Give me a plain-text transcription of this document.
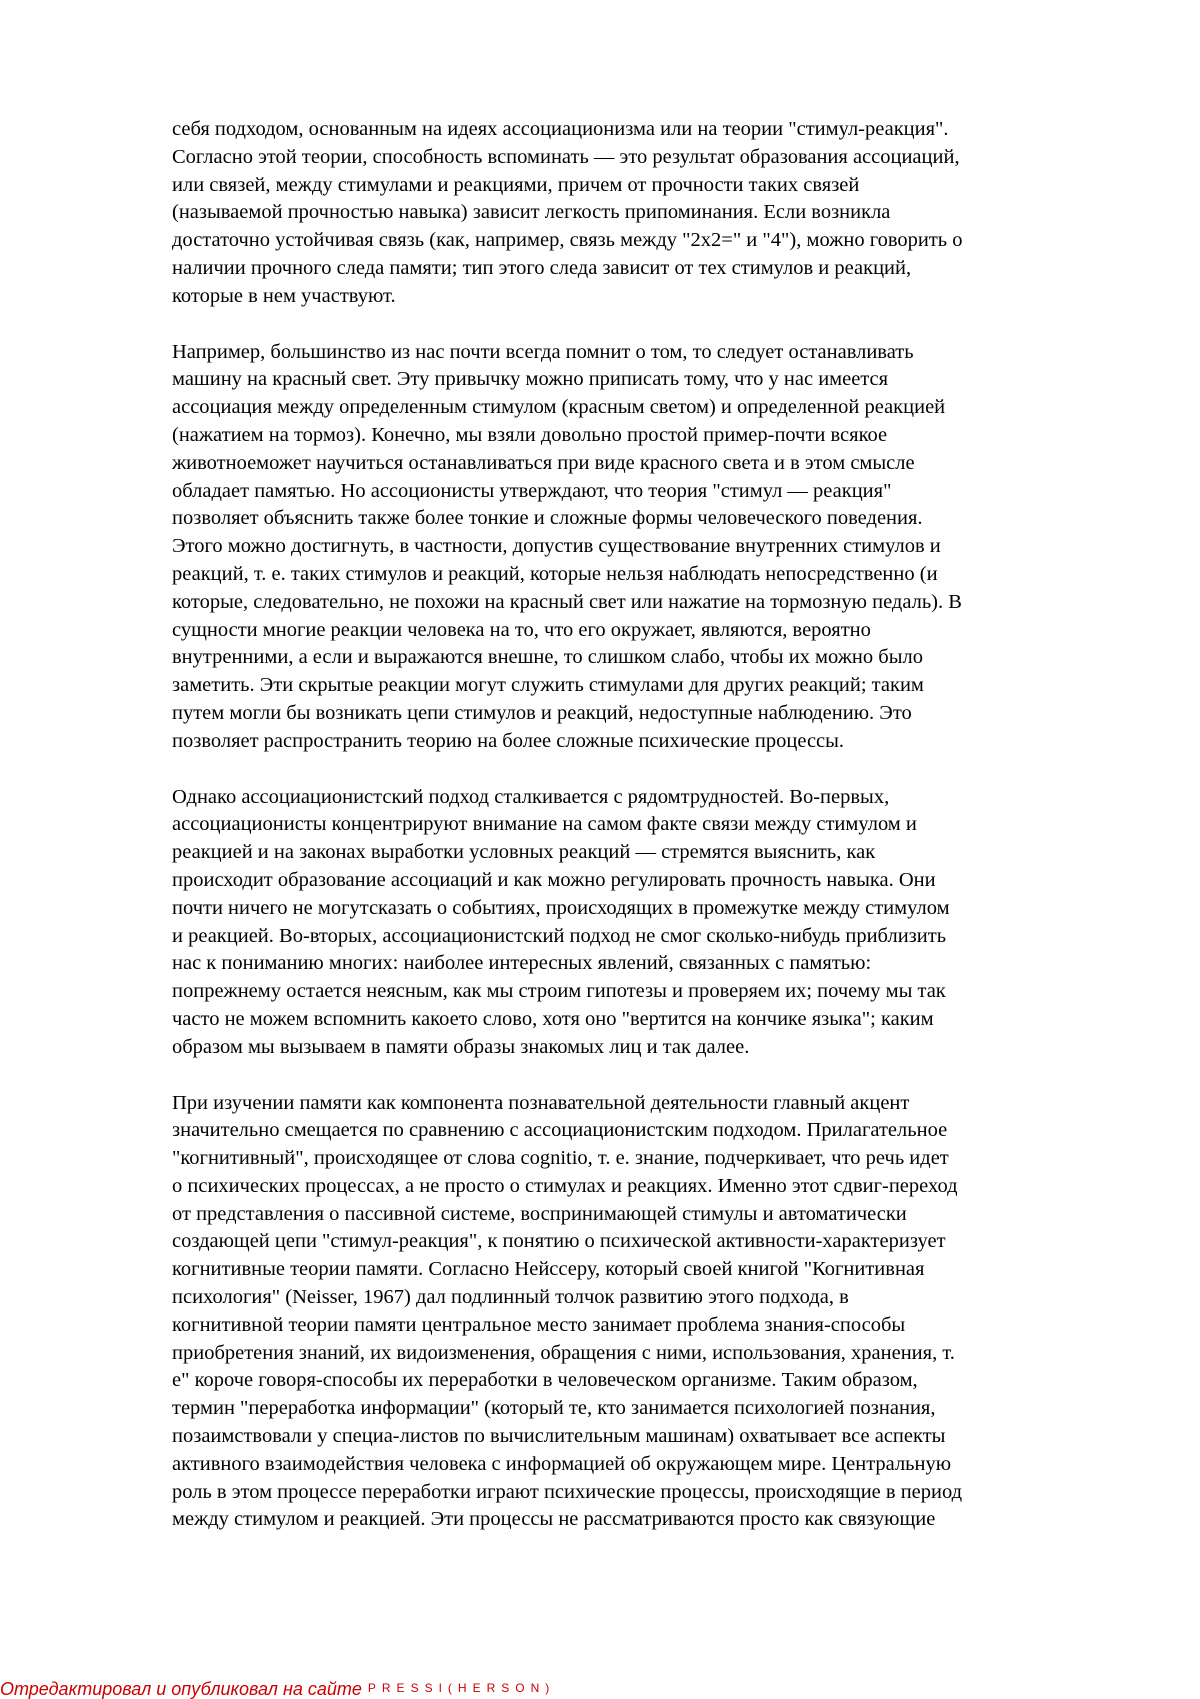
себя подходом, основанным на идеях ассоциационизма или на теории "стимул-реакция".
Согласно этой теории, способность вспоминать — это результат образования ассоциаций,
или связей, между стимулами и реакциями, причем от прочности таких связей
(называемой прочностью навыка) зависит легкость припоминания. Если возникла
достаточно устойчивая связь (как, например, связь между "2x2=" и "4"), можно говорить о
наличии прочного следа памяти; тип этого следа зависит от тех стимулов и реакций,
которые в нем участвуют.
Например, большинство из нас почти всегда помнит о том, то следует останавливать
машину на красный свет. Эту привычку можно приписать тому, что у нас имеется
ассоциация между определенным стимулом (красным светом) и определенной реакцией
(нажатием на тормоз). Конечно, мы взяли довольно простой пример-почти всякое
животноеможет научиться останавливаться при виде красного света и в этом смысле
обладает памятью. Но ассоционисты утверждают, что теория "стимул — реакция"
позволяет объяснить также более тонкие и сложные формы человеческого поведения.
Этого можно достигнуть, в частности, допустив существование внутренних стимулов и
реакций, т. е. таких стимулов и реакций, которые нельзя наблюдать непосредственно (и
которые, следовательно, не похожи на красный свет или нажатие на тормозную педаль). В
сущности многие реакции человека на то, что его окружает, являются, вероятно
внутренними, а если и выражаются внешне, то слишком слабо, чтобы их можно было
заметить. Эти скрытые реакции могут служить стимулами для других реакций; таким
путем могли бы возникать цепи стимулов и реакций, недоступные наблюдению. Это
позволяет распространить теорию на более сложные психические процессы.
Однако ассоциационистский подход сталкивается с рядомтрудностей. Во-первых,
ассоциационисты концентрируют внимание на самом факте связи между стимулом и
реакцией и на законах выработки условных реакций — стремятся выяснить, как
происходит образование ассоциаций и как можно регулировать прочность навыка. Они
почти ничего не могутсказать о событиях, происходящих в промежутке между стимулом
и реакцией. Во-вторых, ассоциационистский подход не смог сколько-нибудь приблизить
нас к пониманию многих: наиболее интересных явлений, связанных с памятью:
попрежнему остается неясным, как мы строим гипотезы и проверяем их; почему мы так
часто не можем вспомнить какоето слово, хотя оно "вертится на кончике языка"; каким
образом мы вызываем в памяти образы знакомых лиц и так далее.
При изучении памяти как компонента познавательной деятельности главный акцент
значительно смещается по сравнению с ассоциационистским подходом. Прилагательное
"когнитивный", происходящее от слова cognitio, т. е. знание, подчеркивает, что речь идет
о психических процессах, а не просто о стимулах и реакциях. Именно этот сдвиг-переход
от представления о пассивной системе, воспринимающей стимулы и автоматически
создающей цепи "стимул-реакция", к понятию о психической активности-характеризует
когнитивные теории памяти. Согласно Нейссеру, который своей книгой "Когнитивная
психология" (Neisser, 1967) дал подлинный толчок развитию этого подхода, в
когнитивной теории памяти центральное место занимает проблема знания-способы
приобретения знаний, их видоизменения, обращения с ними, использования, хранения, т.
е" короче говоря-способы их переработки в человеческом организме. Таким образом,
термин "переработка информации" (который те, кто занимается психологией познания,
позаимствовали у специа-листов по вычислительным машинам) охватывает все аспекты
активного взаимодействия человека с информацией об окружающем мире. Центральную
роль в этом процессе переработки играют психические процессы, происходящие в период
между стимулом и реакцией. Эти процессы не рассматриваются просто как связующие
Отредактировал и опубликовал на сайте PRESSI(HERSON)
